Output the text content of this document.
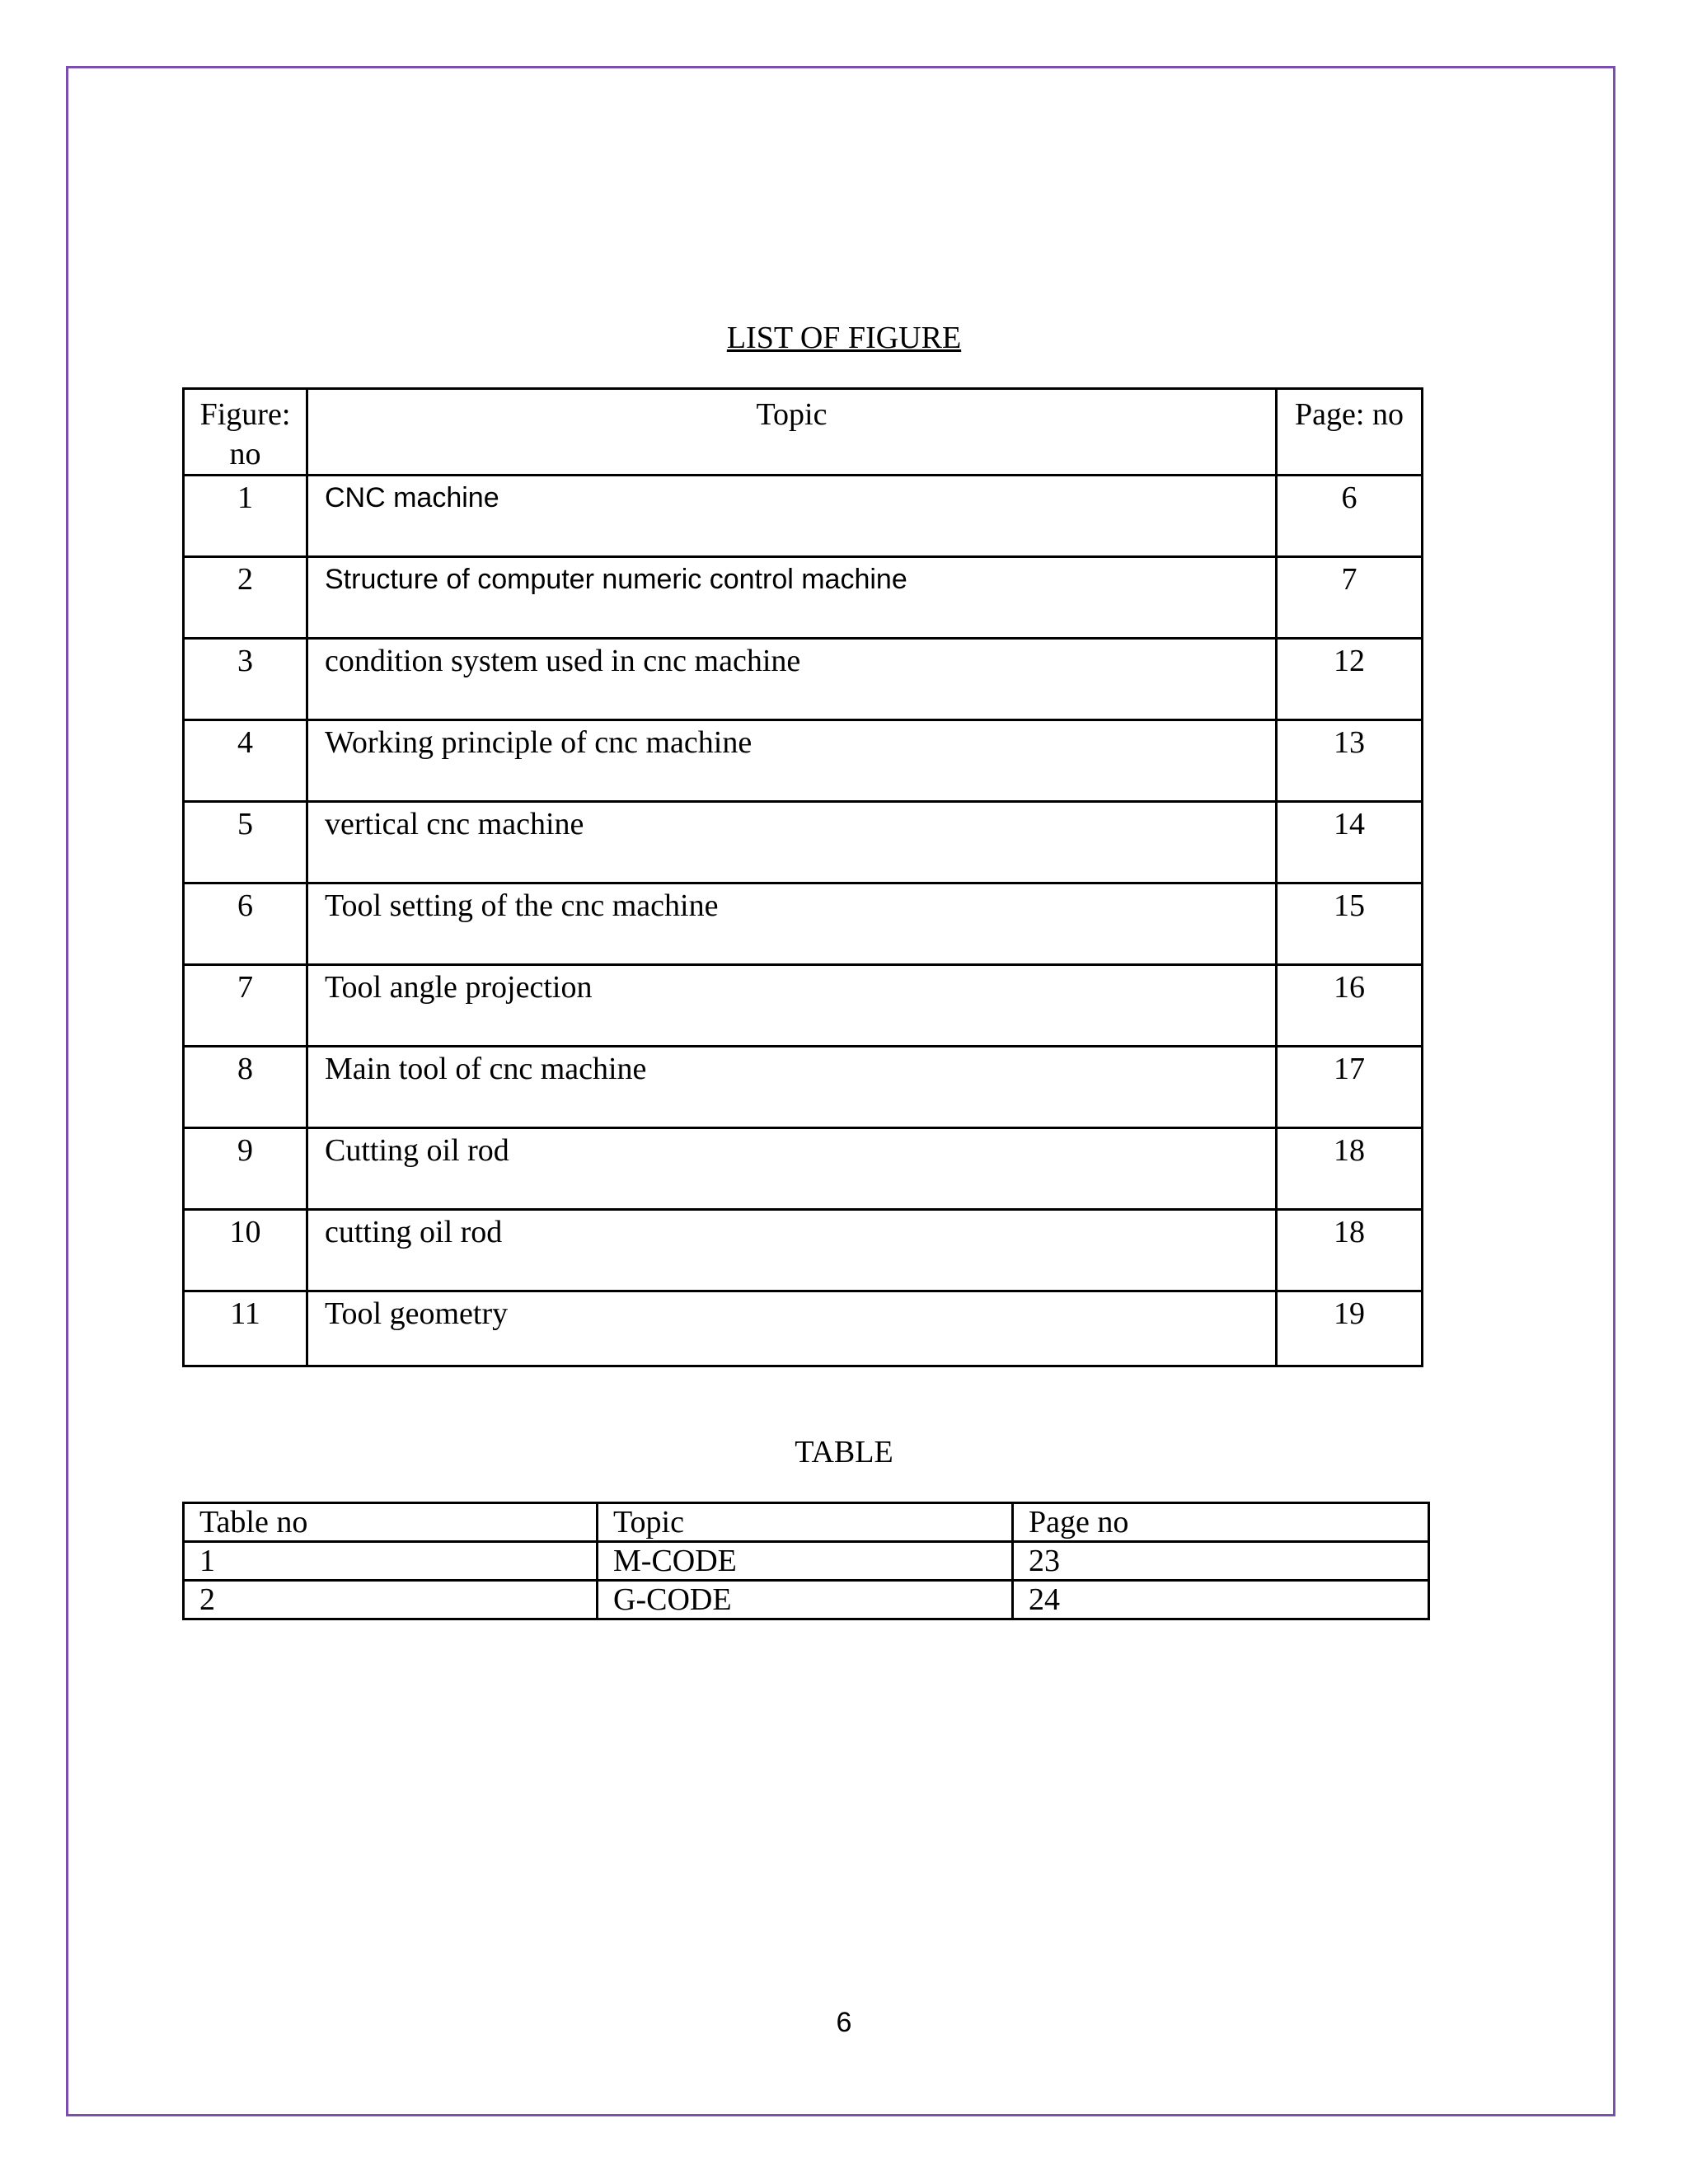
LIST OF FIGURE
Figure: no	Topic	Page: no
1	CNC machine	6
2	Structure of computer numeric control machine	7
3	condition system used in cnc machine	12
4	Working principle of cnc machine	13
5	vertical cnc machine	14
6	Tool setting of the cnc machine	15
7	Tool angle projection	16
8	Main tool of cnc machine	17
9	Cutting oil rod	18
10	cutting oil rod	18
11	Tool geometry	19
TABLE
Table no	Topic	Page no
1	M-CODE	23
2	G-CODE	24
6
